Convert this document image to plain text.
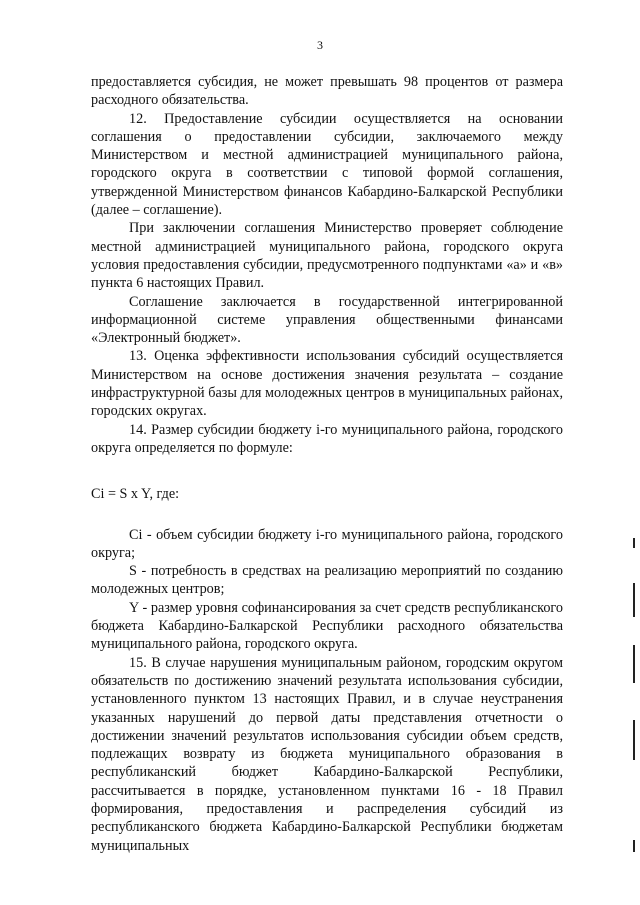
3

предоставляется субсидия, не может превышать 98 процентов от размера расходного обязательства.

12. Предоставление субсидии осуществляется на основании соглашения о предоставлении субсидии, заключаемого между Министерством и местной администрацией муниципального района, городского округа в соответствии с типовой формой соглашения, утвержденной Министерством финансов Кабардино-Балкарской Республики (далее – соглашение).

При заключении соглашения Министерство проверяет соблюдение местной администрацией муниципального района, городского округа условия предоставления субсидии, предусмотренного подпунктами «а» и «в» пункта 6 настоящих Правил.

Соглашение заключается в государственной интегрированной информационной системе управления общественными финансами «Электронный бюджет».

13. Оценка эффективности использования субсидий осуществляется Министерством на основе достижения значения результата – создание инфраструктурной базы для молодежных центров в муниципальных районах, городских округах.

14. Размер субсидии бюджету i-го муниципального района, городского округа определяется по формуле:

Сi = S x Y, где:

Сi - объем субсидии бюджету i-го муниципального района, городского округа;

S - потребность в средствах на реализацию мероприятий по созданию молодежных центров;

Y - размер уровня софинансирования за счет средств республиканского бюджета Кабардино-Балкарской Республики расходного обязательства муниципального района, городского округа.

15. В случае нарушения муниципальным районом, городским округом обязательств по достижению значений результата использования субсидии, установленного пунктом 13 настоящих Правил, и в случае неустранения указанных нарушений до первой даты представления отчетности о достижении значений результатов использования субсидии объем средств, подлежащих возврату из бюджета муниципального образования в республиканский бюджет Кабардино-Балкарской Республики, рассчитывается в порядке, установленном пунктами 16 - 18 Правил формирования, предоставления и распределения субсидий из республиканского бюджета Кабардино-Балкарской Республики бюджетам муниципальных
